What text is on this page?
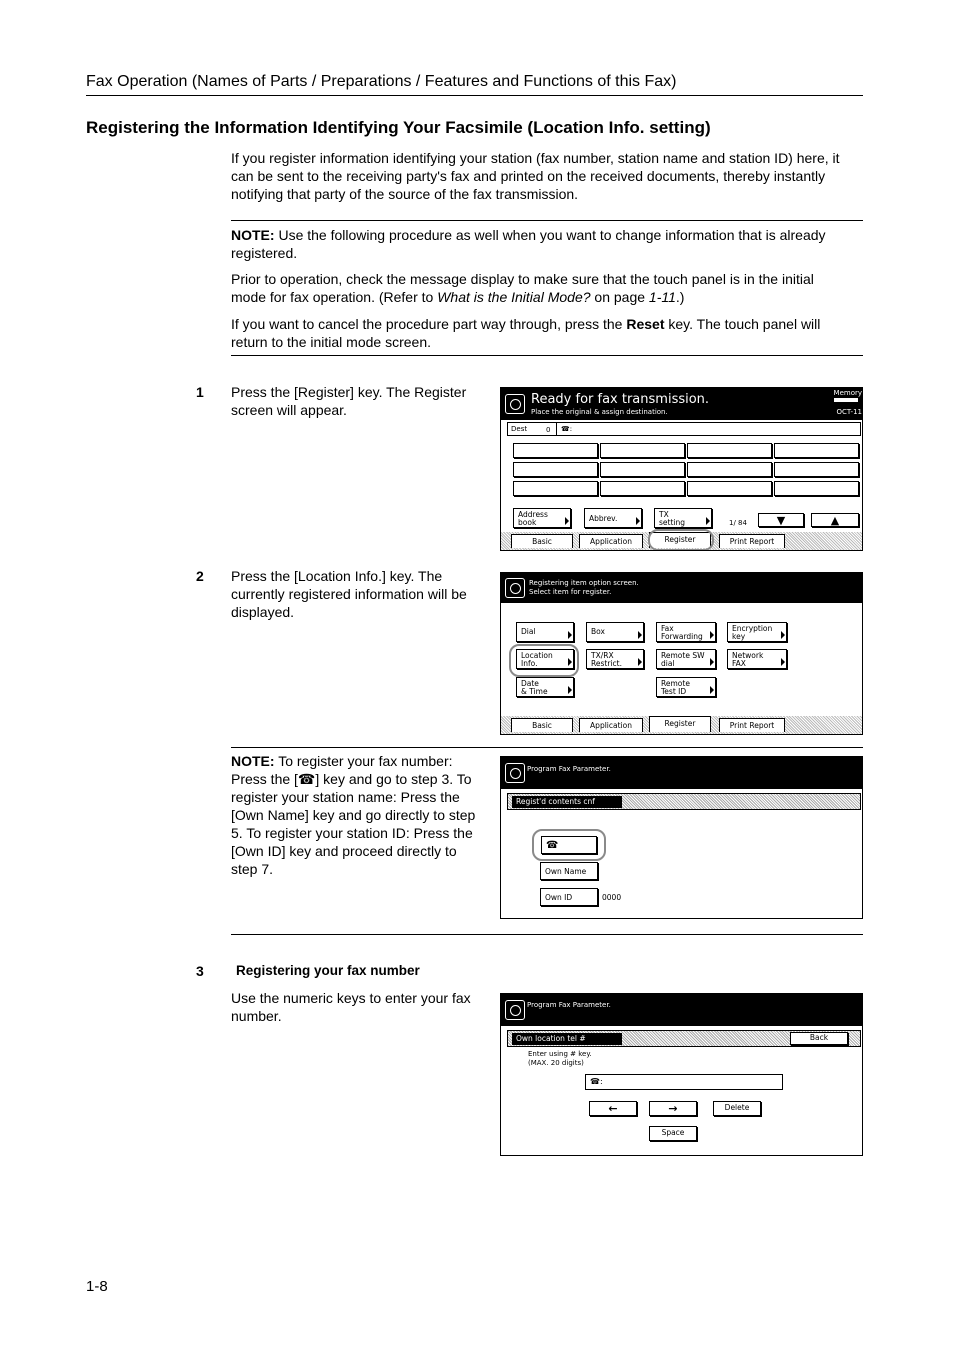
Fax Operation (Names of Parts / Preparations / Features and Functions of this Fax)
Registering the Information Identifying Your Facsimile (Location Info. setting)
If you register information identifying your station (fax number, station name and station ID) here, it
can be sent to the receiving party's fax and printed on the received documents, thereby instantly
notifying that party of the source of the fax transmission.
NOTE: Use the following procedure as well when you want to change information that is already
registered.
Prior to operation, check the message display to make sure that the touch panel is in the initial
mode for fax operation. (Refer to What is the Initial Mode? on page 1-11.)
If you want to cancel the procedure part way through, press the Reset key. The touch panel will
return to the initial mode screen.
1 Press the [Register] key. The Register
screen will appear.
Ready for fax transmission.
Place the original & assign destination.
Memory
OCT-11
Dest	0 ☎:
Address
book	Abbrev.	TX
setting	1/ 84	▼	▲
Basic	Application	Register	Print Report
2 Press the [Location Info.] key. The
currently registered information will be
displayed.
Registering item option screen.
Select item for register.
Dial	Box	Fax
Forwarding
Encryption
key
Location
Info.
TX/RX
Restrict.
Remote SW
dial
Network
FAX
Date
& Time
Remote
Test ID
Basic	Application	Register	Print Report
NOTE: To register your fax number:
Press the [☎] key and go to step 3. To
register your station name: Press the
[Own Name] key and go directly to step
5. To register your station ID: Press the
[Own ID] key and proceed directly to
step 7.
Program Fax Parameter.
Regist'd contents cnf
☎
Own Name
Own ID	0000
3 Registering your fax number
Use the numeric keys to enter your fax
number.
Program Fax Parameter.
Own location tel #	Back
Enter using # key.
(MAX. 20 digits)
☎:
←	→	Delete
Space
1-8
